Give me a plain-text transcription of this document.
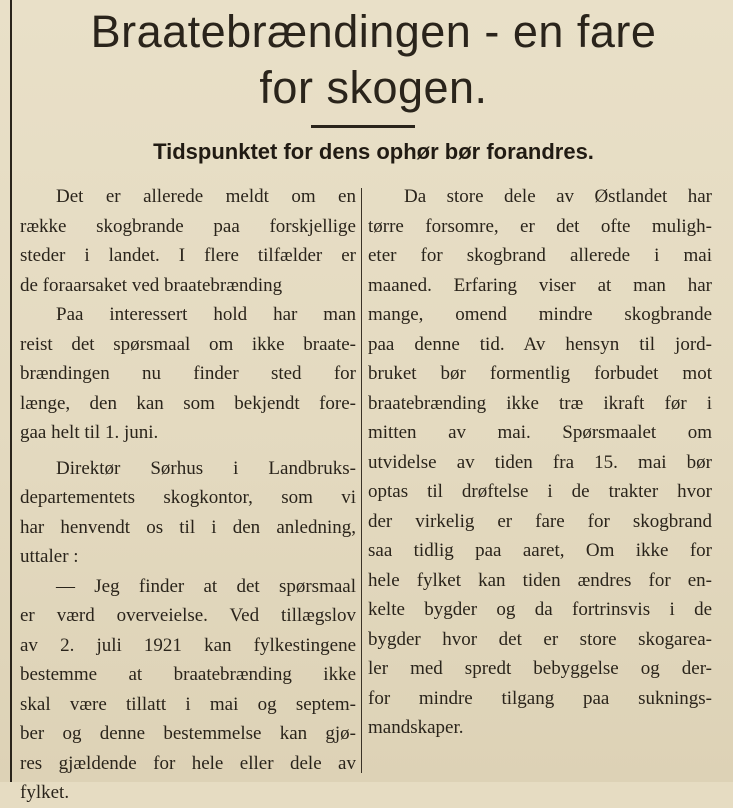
Braatebrændingen - en fare
for skogen.
Tidspunktet for dens ophør bør forandres.
Det er allerede meldt om en
række skogbrande paa forskjellige
steder i landet. I flere tilfælder er
de foraarsaket ved braatebrænding
Paa interessert hold har man
reist det spørsmaal om ikke braate-
brændingen nu finder sted for
længe, den kan som bekjendt fore-
gaa helt til 1. juni.
Direktør Sørhus i Landbruks-
departementets skogkontor, som vi
har henvendt os til i den anledning,
uttaler :
— Jeg finder at det spørsmaal
er værd overveielse. Ved tillægslov
av 2. juli 1921 kan fylkestingene
bestemme at braatebrænding ikke
skal være tillatt i mai og septem-
ber og denne bestemmelse kan gjø-
res gjældende for hele eller dele av
fylket.
Da store dele av Østlandet har
tørre forsomre, er det ofte muligh-
eter for skogbrand allerede i mai
maaned. Erfaring viser at man har
mange, omend mindre skogbrande
paa denne tid. Av hensyn til jord-
bruket bør formentlig forbudet mot
braatebrænding ikke træ ikraft før i
mitten av mai. Spørsmaalet om
utvidelse av tiden fra 15. mai bør
optas til drøftelse i de trakter hvor
der virkelig er fare for skogbrand
saa tidlig paa aaret, Om ikke for
hele fylket kan tiden ændres for en-
kelte bygder og da fortrinsvis i de
bygder hvor det er store skogarea-
ler med spredt bebyggelse og der-
for mindre tilgang paa suknings-
mandskaper.
